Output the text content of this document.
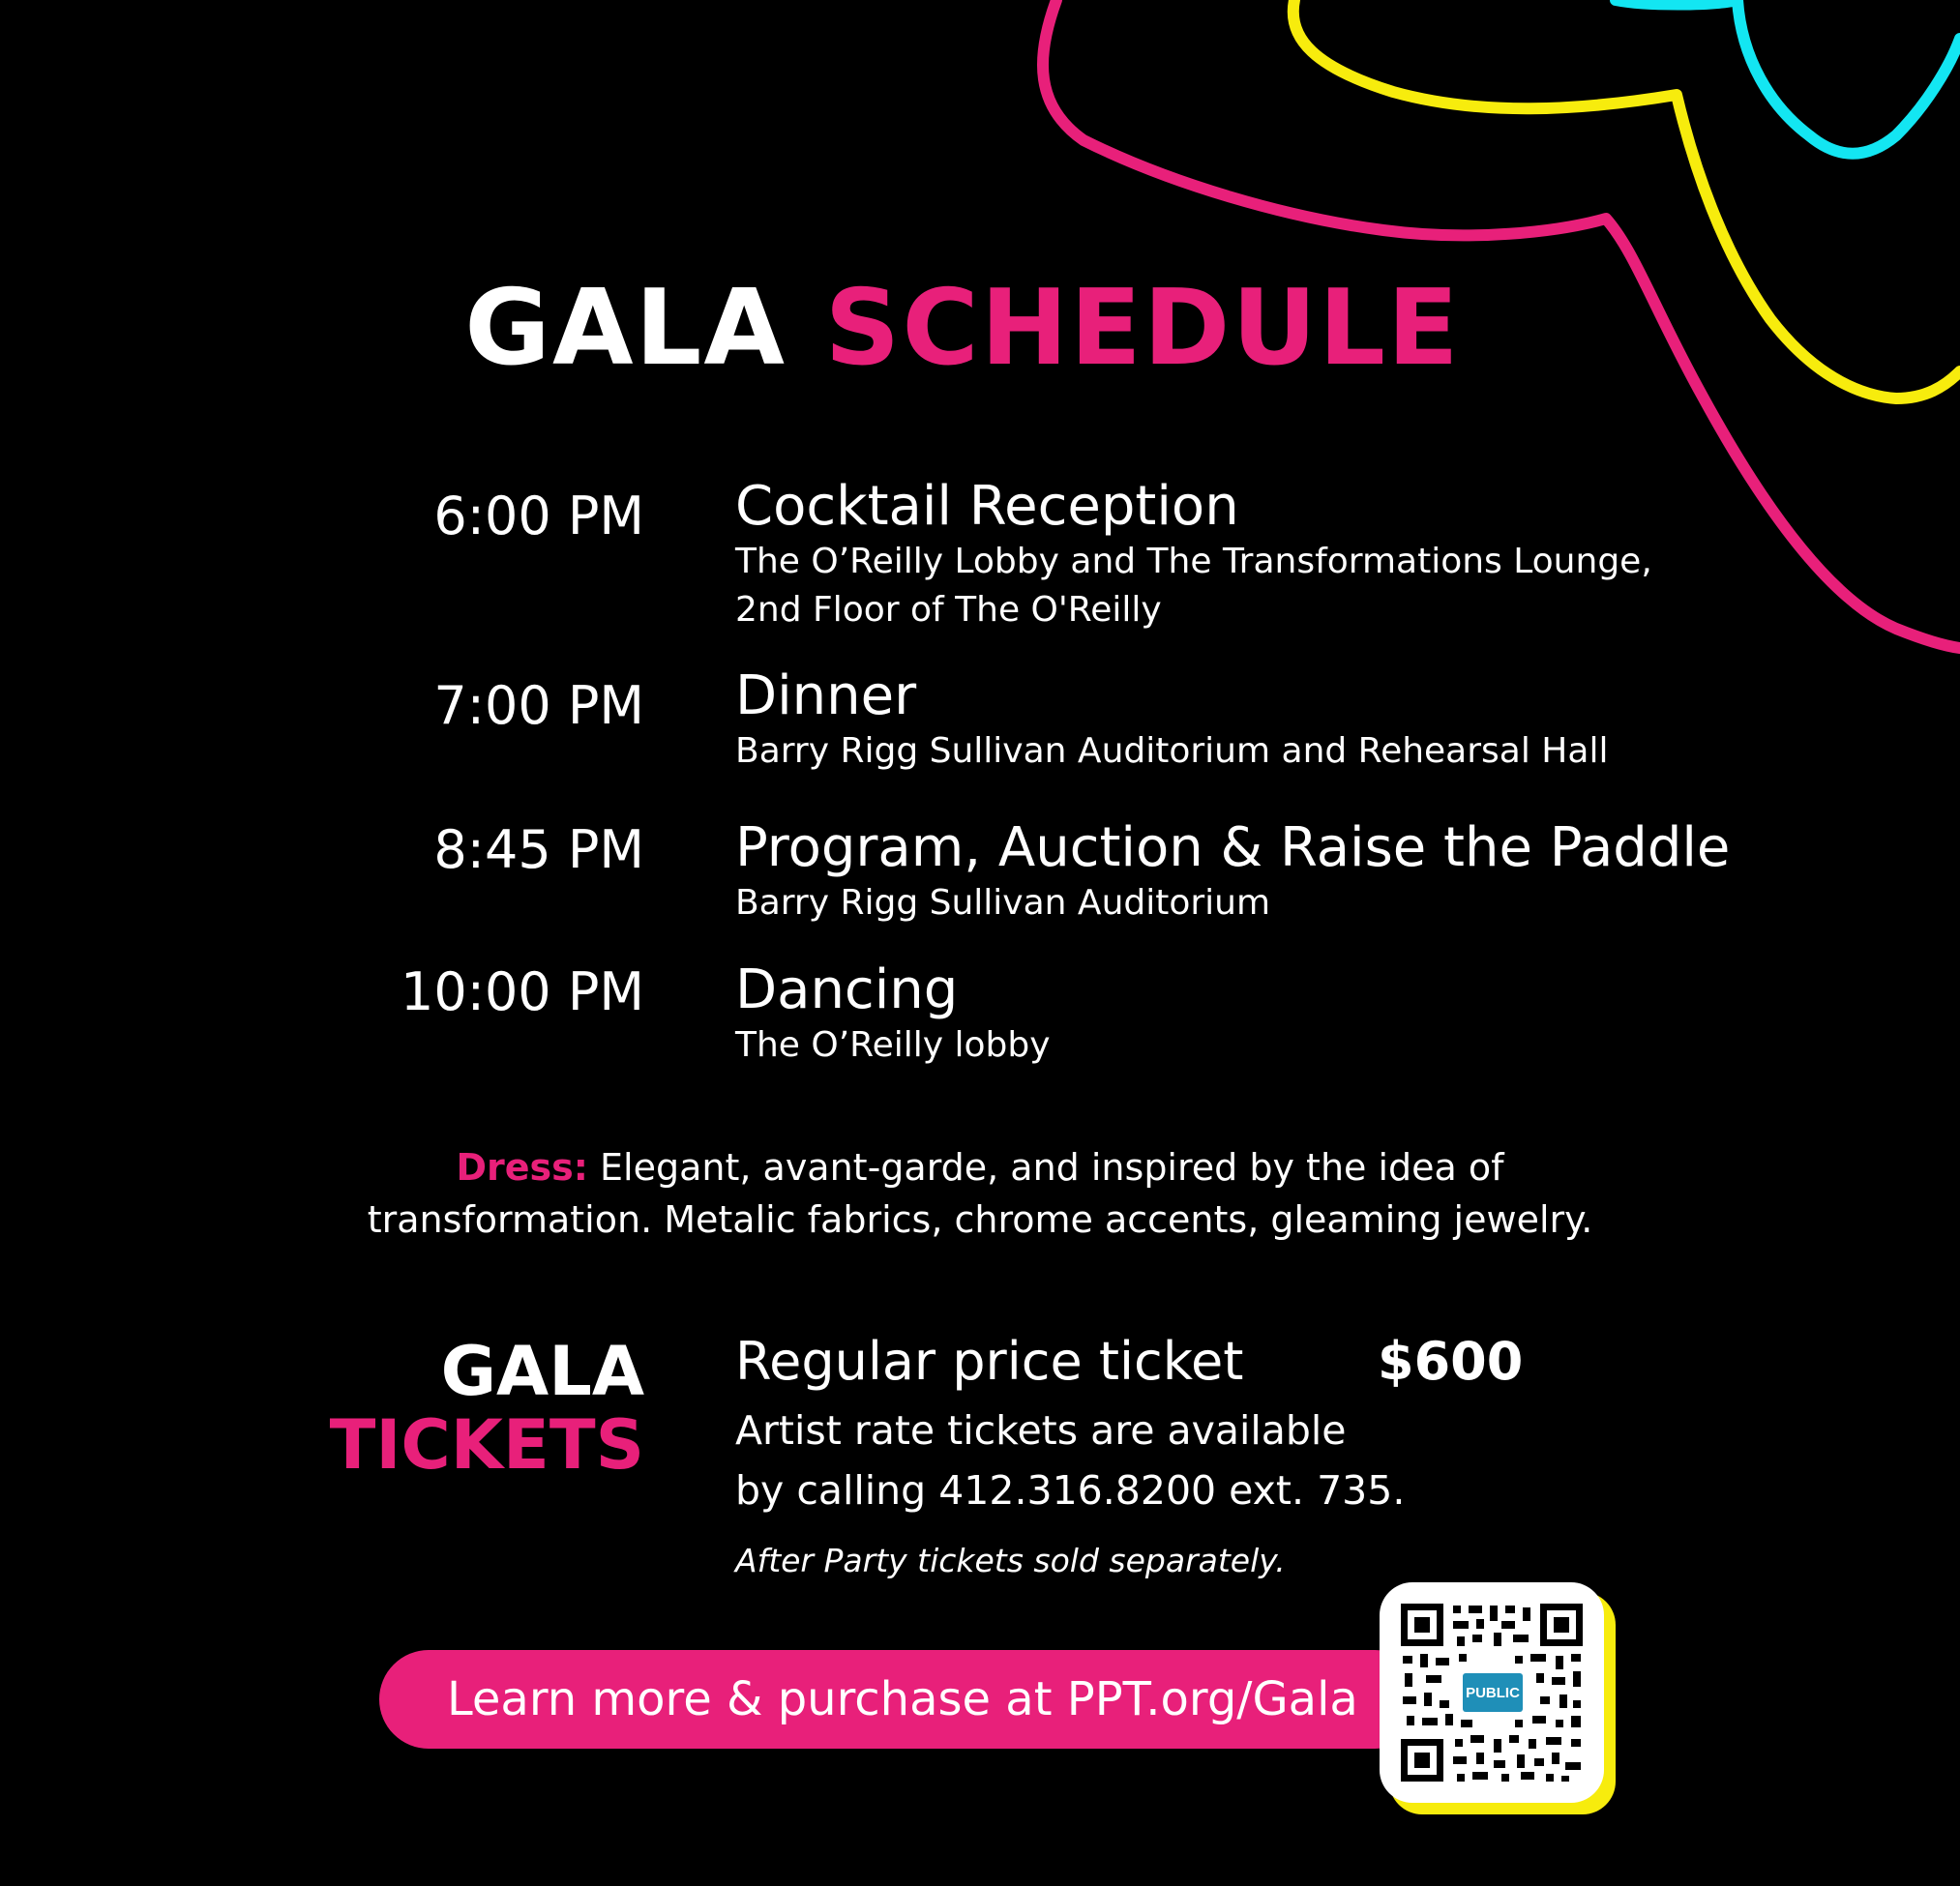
GALA SCHEDULE
6:00 PM Cocktail Reception
The O’Reilly Lobby and The Transformations Lounge,
2nd Floor of The O'Reilly
7:00 PM Dinner
Barry Rigg Sullivan Auditorium and Rehearsal Hall
8:45 PM Program, Auction & Raise the Paddle
Barry Rigg Sullivan Auditorium
10:00 PM Dancing
The O’Reilly lobby
Dress: Elegant, avant-garde, and inspired by the idea of
transformation. Metalic fabrics, chrome accents, gleaming jewelry.
GALA
TICKETS
Regular price ticket	$600
Artist rate tickets are available
by calling 412.316.8200 ext. 735.
After Party tickets sold separately.
Learn more & purchase at PPT.org/Gala	PUBLIC
